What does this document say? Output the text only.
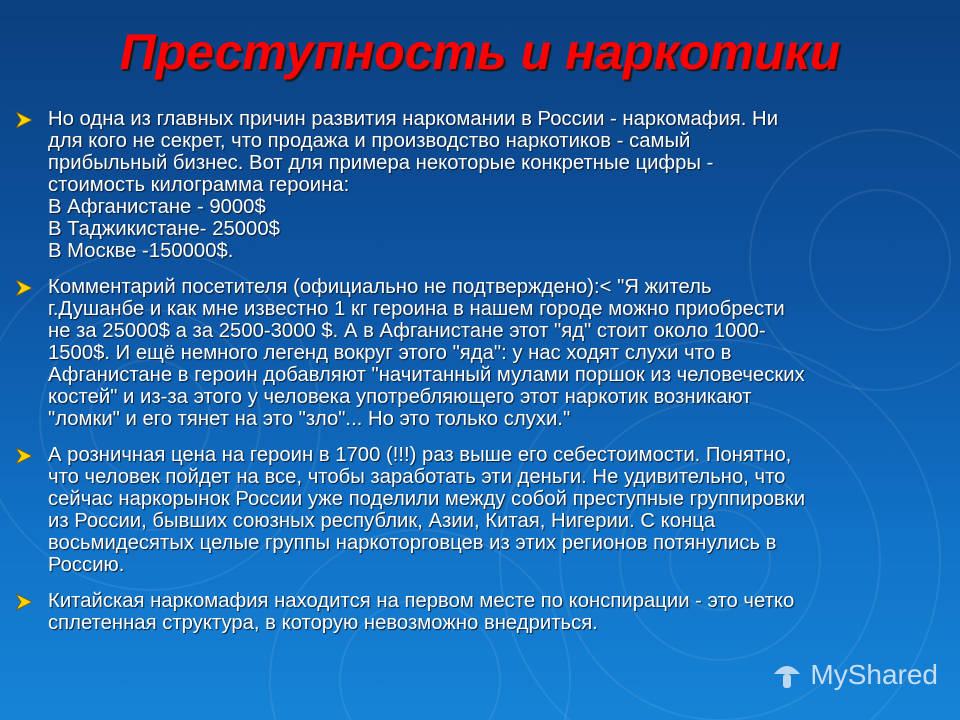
Преступность и наркотики
Но одна из главных причин развития наркомании в России - наркомафия. Ни
для кого не секрет, что продажа и производство наркотиков - самый
прибыльный бизнес. Вот для примера некоторые конкретные цифры -
стоимость килограмма героина:
В Афганистане - 9000$
В Таджикистане- 25000$
В Москве -150000$.
Комментарий посетителя (официально не подтверждено):< "Я житель
г.Душанбе и как мне известно 1 кг героина в нашем городе можно приобрести
не за 25000$ а за 2500-3000 $. А в Афганистане этот "яд" стоит около 1000-
1500$. И ещё немного легенд вокруг этого "яда": у нас ходят слухи что в
Афганистане в героин добавляют "начитанный мулами поршок из человеческих
костей" и из-за этого у человека употребляющего этот наркотик возникают
"ломки" и его тянет на это "зло"... Но это только слухи."
А розничная цена на героин в 1700 (!!!) раз выше его себестоимости. Понятно,
что человек пойдет на все, чтобы заработать эти деньги. Не удивительно, что
сейчас наркорынок России уже поделили между собой преступные группировки
из России, бывших союзных республик, Азии, Китая, Нигерии. С конца
восьмидесятых целые группы наркоторговцев из этих регионов потянулись в
Россию.
Китайская наркомафия находится на первом месте по конспирации - это четко
сплетенная структура, в которую невозможно внедриться.
MyShared
